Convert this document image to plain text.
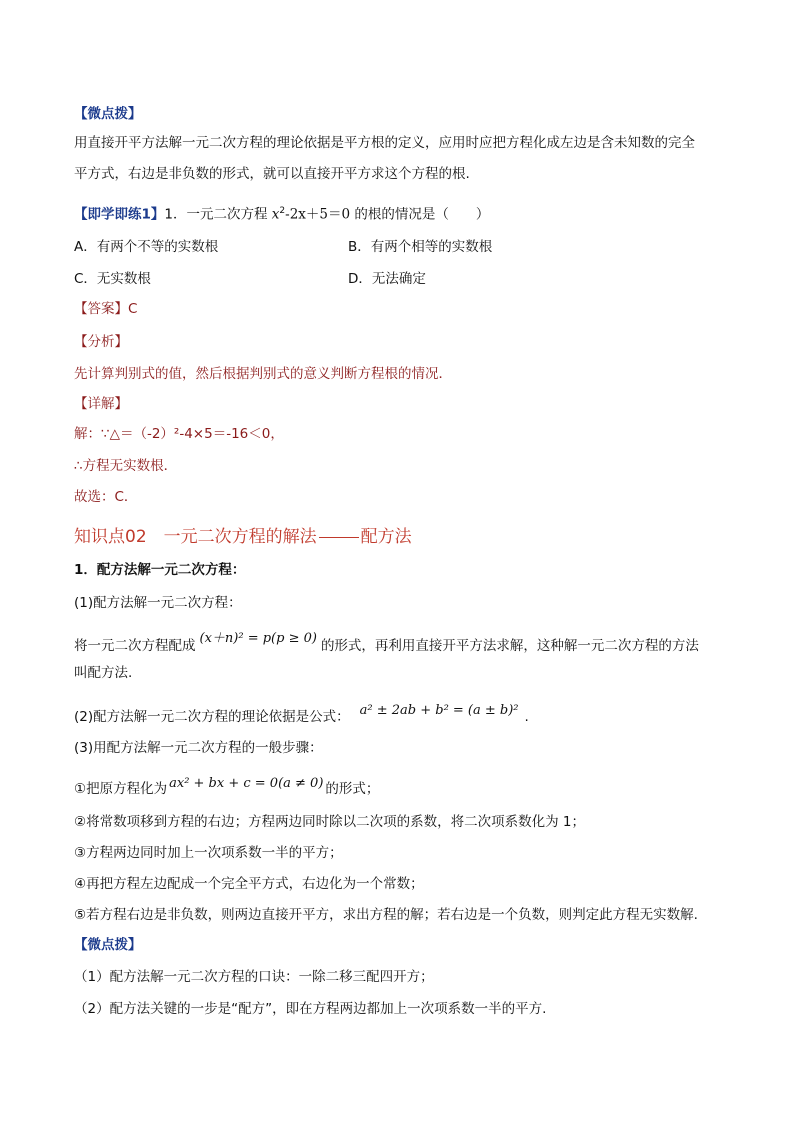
【微点拨】
用直接开平方法解一元二次方程的理论依据是平方根的定义，应用时应把方程化成左边是含未知数的完全
平方式，右边是非负数的形式，就可以直接开平方求这个方程的根.
【即学即练1】1．一元二次方程 $x^2-2x+5=0$ 的根的情况是（　　）
A．有两个不等的实数根	B．有两个相等的实数根
C．无实数根	D．无法确定
【答案】C
【分析】
先计算判别式的值，然后根据判别式的意义判断方程根的情况．
【详解】
解：∵△＝（-2）²-4×5＝-16＜0，
∴方程无实数根．
故选：C．
知识点02　一元二次方程的解法	配方法
1．配方法解一元二次方程：
(1)配方法解一元二次方程：
将一元二次方程配成 (x＋n)² = p(p ≥ 0) 的形式，再利用直接开平方法求解，这种解一元二次方程的方法
叫配方法.
(2)配方法解一元二次方程的理论依据是公式： a² ± 2ab + b² = (a ± b)² .
(3)用配方法解一元二次方程的一般步骤：
①把原方程化为 ax² + bx + c = 0(a ≠ 0) 的形式；
②将常数项移到方程的右边；方程两边同时除以二次项的系数，将二次项系数化为 1；
③方程两边同时加上一次项系数一半的平方；
④再把方程左边配成一个完全平方式，右边化为一个常数；
⑤若方程右边是非负数，则两边直接开平方，求出方程的解；若右边是一个负数，则判定此方程无实数解.
【微点拨】
（1）配方法解一元二次方程的口诀：一除二移三配四开方；
（2）配方法关键的一步是“配方”，即在方程两边都加上一次项系数一半的平方.
